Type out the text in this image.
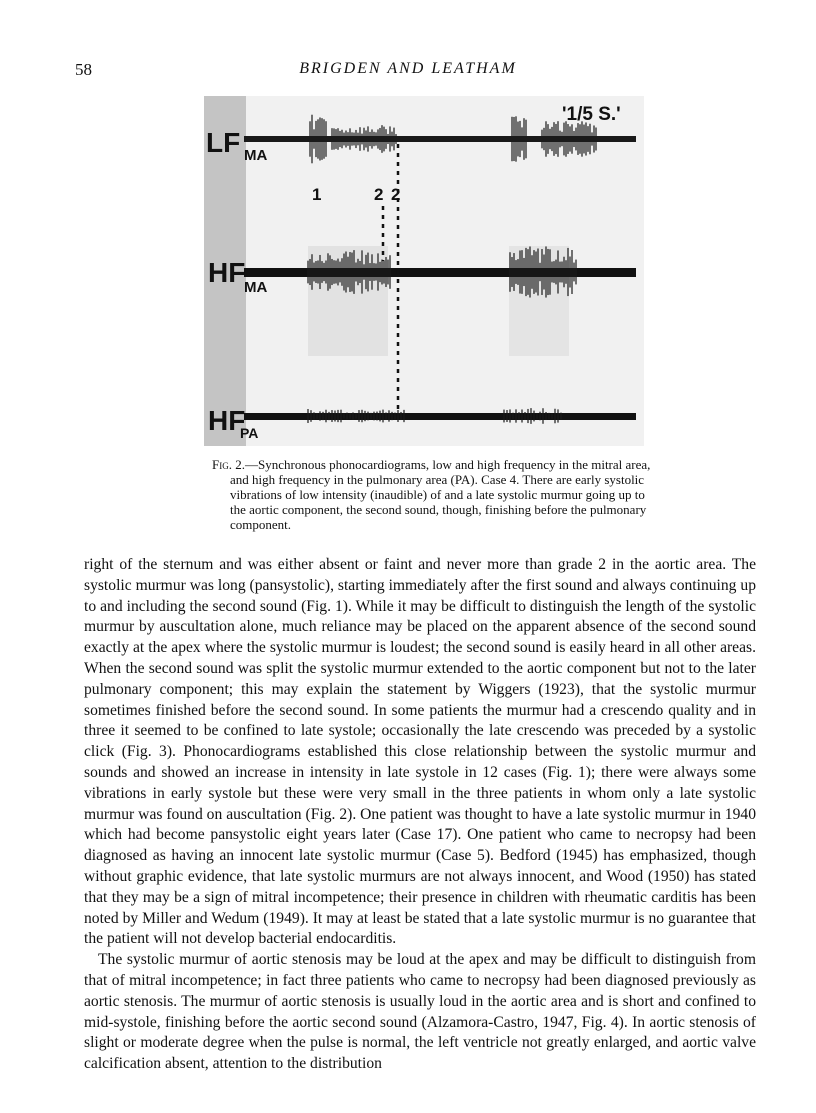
58	BRIGDEN AND LEATHAM
LF MA
HF
MA
HF
PA
1	2 2
'1/5 S.'
Fig. 2.—Synchronous phonocardiograms, low and high frequency in the mitral area, and high frequency in the pulmonary area (PA). Case 4. There are early systolic vibrations of low intensity (inaudible) of and a late systolic murmur going up to the aortic component, the second sound, though, finishing before the pulmonary component.

right of the sternum and was either absent or faint and never more than grade 2 in the aortic area. The systolic murmur was long (pansystolic), starting immediately after the first sound and always continuing up to and including the second sound (Fig. 1). While it may be difficult to distinguish the length of the systolic murmur by auscultation alone, much reliance may be placed on the apparent absence of the second sound exactly at the apex where the systolic murmur is loudest; the second sound is easily heard in all other areas. When the second sound was split the systolic murmur extended to the aortic component but not to the later pulmonary component; this may explain the statement by Wiggers (1923), that the systolic murmur sometimes finished before the second sound. In some patients the murmur had a crescendo quality and in three it seemed to be confined to late systole; occasionally the late crescendo was preceded by a systolic click (Fig. 3). Phonocardiograms established this close relationship between the systolic murmur and sounds and showed an increase in intensity in late systole in 12 cases (Fig. 1); there were always some vibrations in early systole but these were very small in the three patients in whom only a late systolic murmur was found on auscultation (Fig. 2). One patient was thought to have a late systolic murmur in 1940 which had become pansystolic eight years later (Case 17). One patient who came to necropsy had been diagnosed as having an innocent late systolic murmur (Case 5). Bedford (1945) has emphasized, though without graphic evidence, that late systolic murmurs are not always innocent, and Wood (1950) has stated that they may be a sign of mitral incompetence; their presence in children with rheumatic carditis has been noted by Miller and Wedum (1949). It may at least be stated that a late systolic murmur is no guarantee that the patient will not develop bacterial endocarditis.

The systolic murmur of aortic stenosis may be loud at the apex and may be difficult to distinguish from that of mitral incompetence; in fact three patients who came to necropsy had been diagnosed previously as aortic stenosis. The murmur of aortic stenosis is usually loud in the aortic area and is short and confined to mid-systole, finishing before the aortic second sound (Alzamora-Castro, 1947, Fig. 4). In aortic stenosis of slight or moderate degree when the pulse is normal, the left ventricle not greatly enlarged, and aortic valve calcification absent, attention to the distribution
